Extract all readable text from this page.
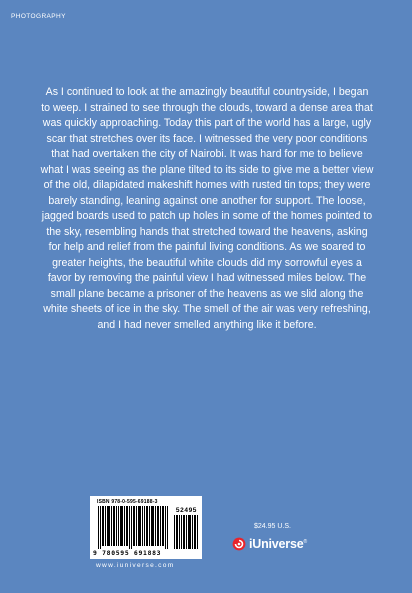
PHOTOGRAPHY

As I continued to look at the amazingly beautiful countryside, I began to weep. I strained to see through the clouds, toward a dense area that was quickly approaching. Today this part of the world has a large, ugly scar that stretches over its face. I witnessed the very poor conditions that had overtaken the city of Nairobi. It was hard for me to believe what I was seeing as the plane tilted to its side to give me a better view of the old, dilapidated makeshift homes with rusted tin tops; they were barely standing, leaning against one another for support. The loose, jagged boards used to patch up holes in some of the homes pointed to the sky, resembling hands that stretched toward the heavens, asking for help and relief from the painful living conditions. As we soared to greater heights, the beautiful white clouds did my sorrowful eyes a favor by removing the painful view I had witnessed miles below. The small plane became a prisoner of the heavens as we slid along the white sheets of ice in the sky. The smell of the air was very refreshing, and I had never smelled anything like it before.

ISBN 978-0-595-69188-3
52495
9 780595 691883
www.iuniverse.com
$24.95 U.S.
iUniverse®
